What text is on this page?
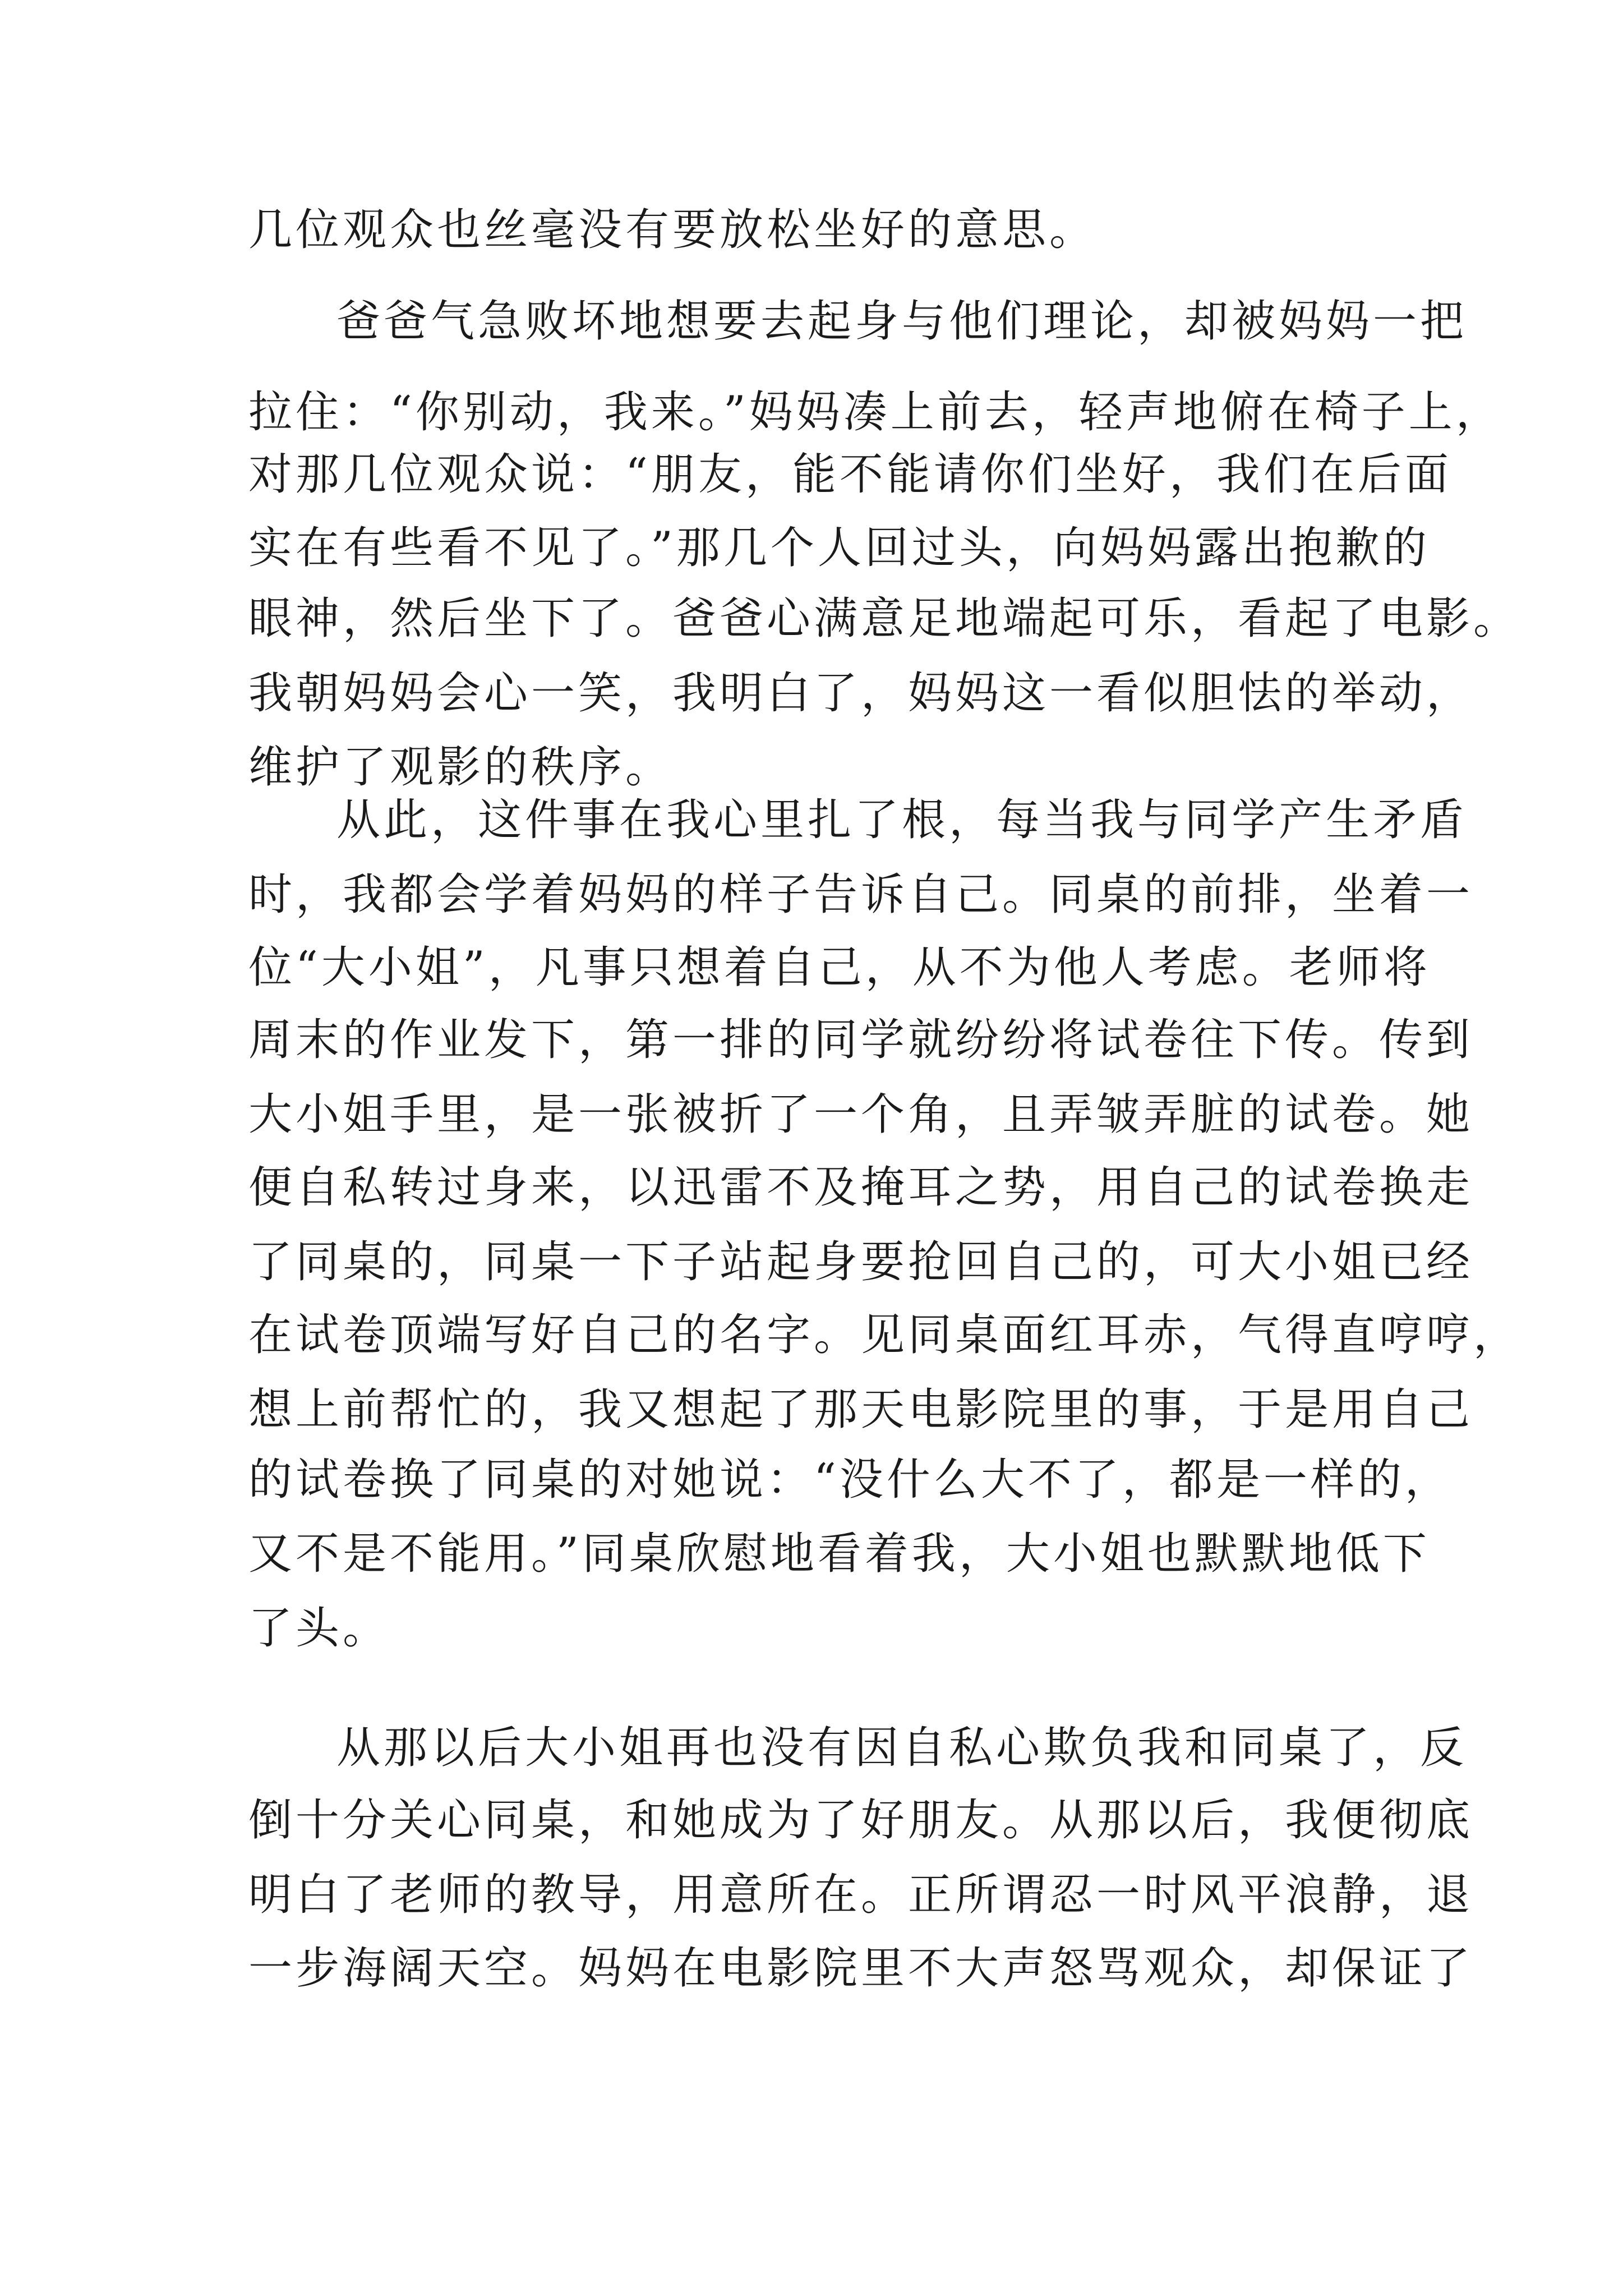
几位观众也丝毫没有要放松坐好的意思。
爸爸气急败坏地想要去起身与他们理论，却被妈妈一把
拉住：“你别动，我来。”妈妈凑上前去，轻声地俯在椅子上，
对那几位观众说：“朋友，能不能请你们坐好，我们在后面
实在有些看不见了。”那几个人回过头，向妈妈露出抱歉的
眼神，然后坐下了。爸爸心满意足地端起可乐，看起了电影。
我朝妈妈会心一笑，我明白了，妈妈这一看似胆怯的举动，
维护了观影的秩序。
从此，这件事在我心里扎了根，每当我与同学产生矛盾
时，我都会学着妈妈的样子告诉自己。同桌的前排，坐着一
位“大小姐”，凡事只想着自己，从不为他人考虑。老师将
周末的作业发下，第一排的同学就纷纷将试卷往下传。传到
大小姐手里，是一张被折了一个角，且弄皱弄脏的试卷。她
便自私转过身来，以迅雷不及掩耳之势，用自己的试卷换走
了同桌的，同桌一下子站起身要抢回自己的，可大小姐已经
在试卷顶端写好自己的名字。见同桌面红耳赤，气得直哼哼，
想上前帮忙的，我又想起了那天电影院里的事，于是用自己
的试卷换了同桌的对她说：“没什么大不了，都是一样的，
又不是不能用。”同桌欣慰地看着我，大小姐也默默地低下
了头。
从那以后大小姐再也没有因自私心欺负我和同桌了，反
倒十分关心同桌，和她成为了好朋友。从那以后，我便彻底
明白了老师的教导，用意所在。正所谓忍一时风平浪静，退
一步海阔天空。妈妈在电影院里不大声怒骂观众，却保证了
